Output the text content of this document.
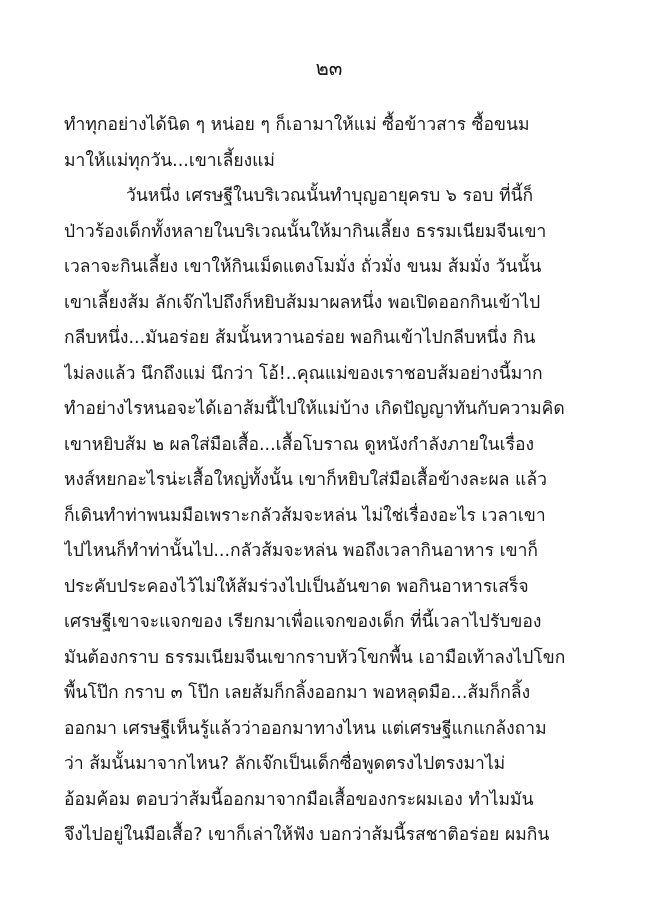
๒๓
ทำทุกอย่างได้นิด ๆ หน่อย ๆ ก็เอามาให้แม่ ซื้อข้าวสาร ซื้อขนม
มาให้แม่ทุกวัน...เขาเลี้ยงแม่
วันหนึ่ง เศรษฐีในบริเวณนั้นทำบุญอายุครบ ๖ รอบ ที่นี้ก็
ป่าวร้องเด็กทั้งหลายในบริเวณนั้นให้มากินเลี้ยง ธรรมเนียมจีนเขา
เวลาจะกินเลี้ยง เขาให้กินเม็ดแตงโมมั่ง ถั่วมั่ง ขนม ส้มมั่ง วันนั้น
เขาเลี้ยงส้ม ลักเจ๊กไปถึงก็หยิบส้มมาผลหนึ่ง พอเปิดออกกินเข้าไป
กลีบหนึ่ง...มันอร่อย ส้มนั้นหวานอร่อย พอกินเข้าไปกลีบหนึ่ง กิน
ไม่ลงแล้ว นึกถึงแม่ นึกว่า โอ้!..คุณแม่ของเราชอบส้มอย่างนี้มาก
ทำอย่างไรหนอจะได้เอาส้มนี้ไปให้แม่บ้าง เกิดปัญญาทันกับความคิด
เขาหยิบส้ม ๒ ผลใส่มือเสื้อ...เสื้อโบราณ ดูหนังกำลังภายในเรื่อง
หงส์หยกอะไรน่ะเสื้อใหญ่ทั้งนั้น เขาก็หยิบใส่มือเสื้อข้างละผล แล้ว
ก็เดินทำท่าพนมมือเพราะกลัวส้มจะหล่น ไม่ใช่เรื่องอะไร เวลาเขา
ไปไหนก็ทำท่านั้นไป...กลัวส้มจะหล่น พอถึงเวลากินอาหาร เขาก็
ประคับประคองไว้ไม่ให้ส้มร่วงไปเป็นอันขาด พอกินอาหารเสร็จ
เศรษฐีเขาจะแจกของ เรียกมาเพื่อแจกของเด็ก ที่นี้เวลาไปรับของ
มันต้องกราบ ธรรมเนียมจีนเขากราบหัวโขกพื้น เอามือเท้าลงไปโขก
พื้นโป๊ก กราบ ๓ โป๊ก เลยส้มก็กลิ้งออกมา พอหลุดมือ...ส้มก็กลิ้ง
ออกมา เศรษฐีเห็นรู้แล้วว่าออกมาทางไหน แต่เศรษฐีแกแกล้งถาม
ว่า ส้มนั้นมาจากไหน? ลักเจ๊กเป็นเด็กซื่อพูดตรงไปตรงมาไม่
อ้อมค้อม ตอบว่าส้มนี้ออกมาจากมือเสื้อของกระผมเอง ทำไมมัน
จึงไปอยู่ในมือเสื้อ? เขาก็เล่าให้ฟัง บอกว่าส้มนี้รสชาติอร่อย ผมกิน
